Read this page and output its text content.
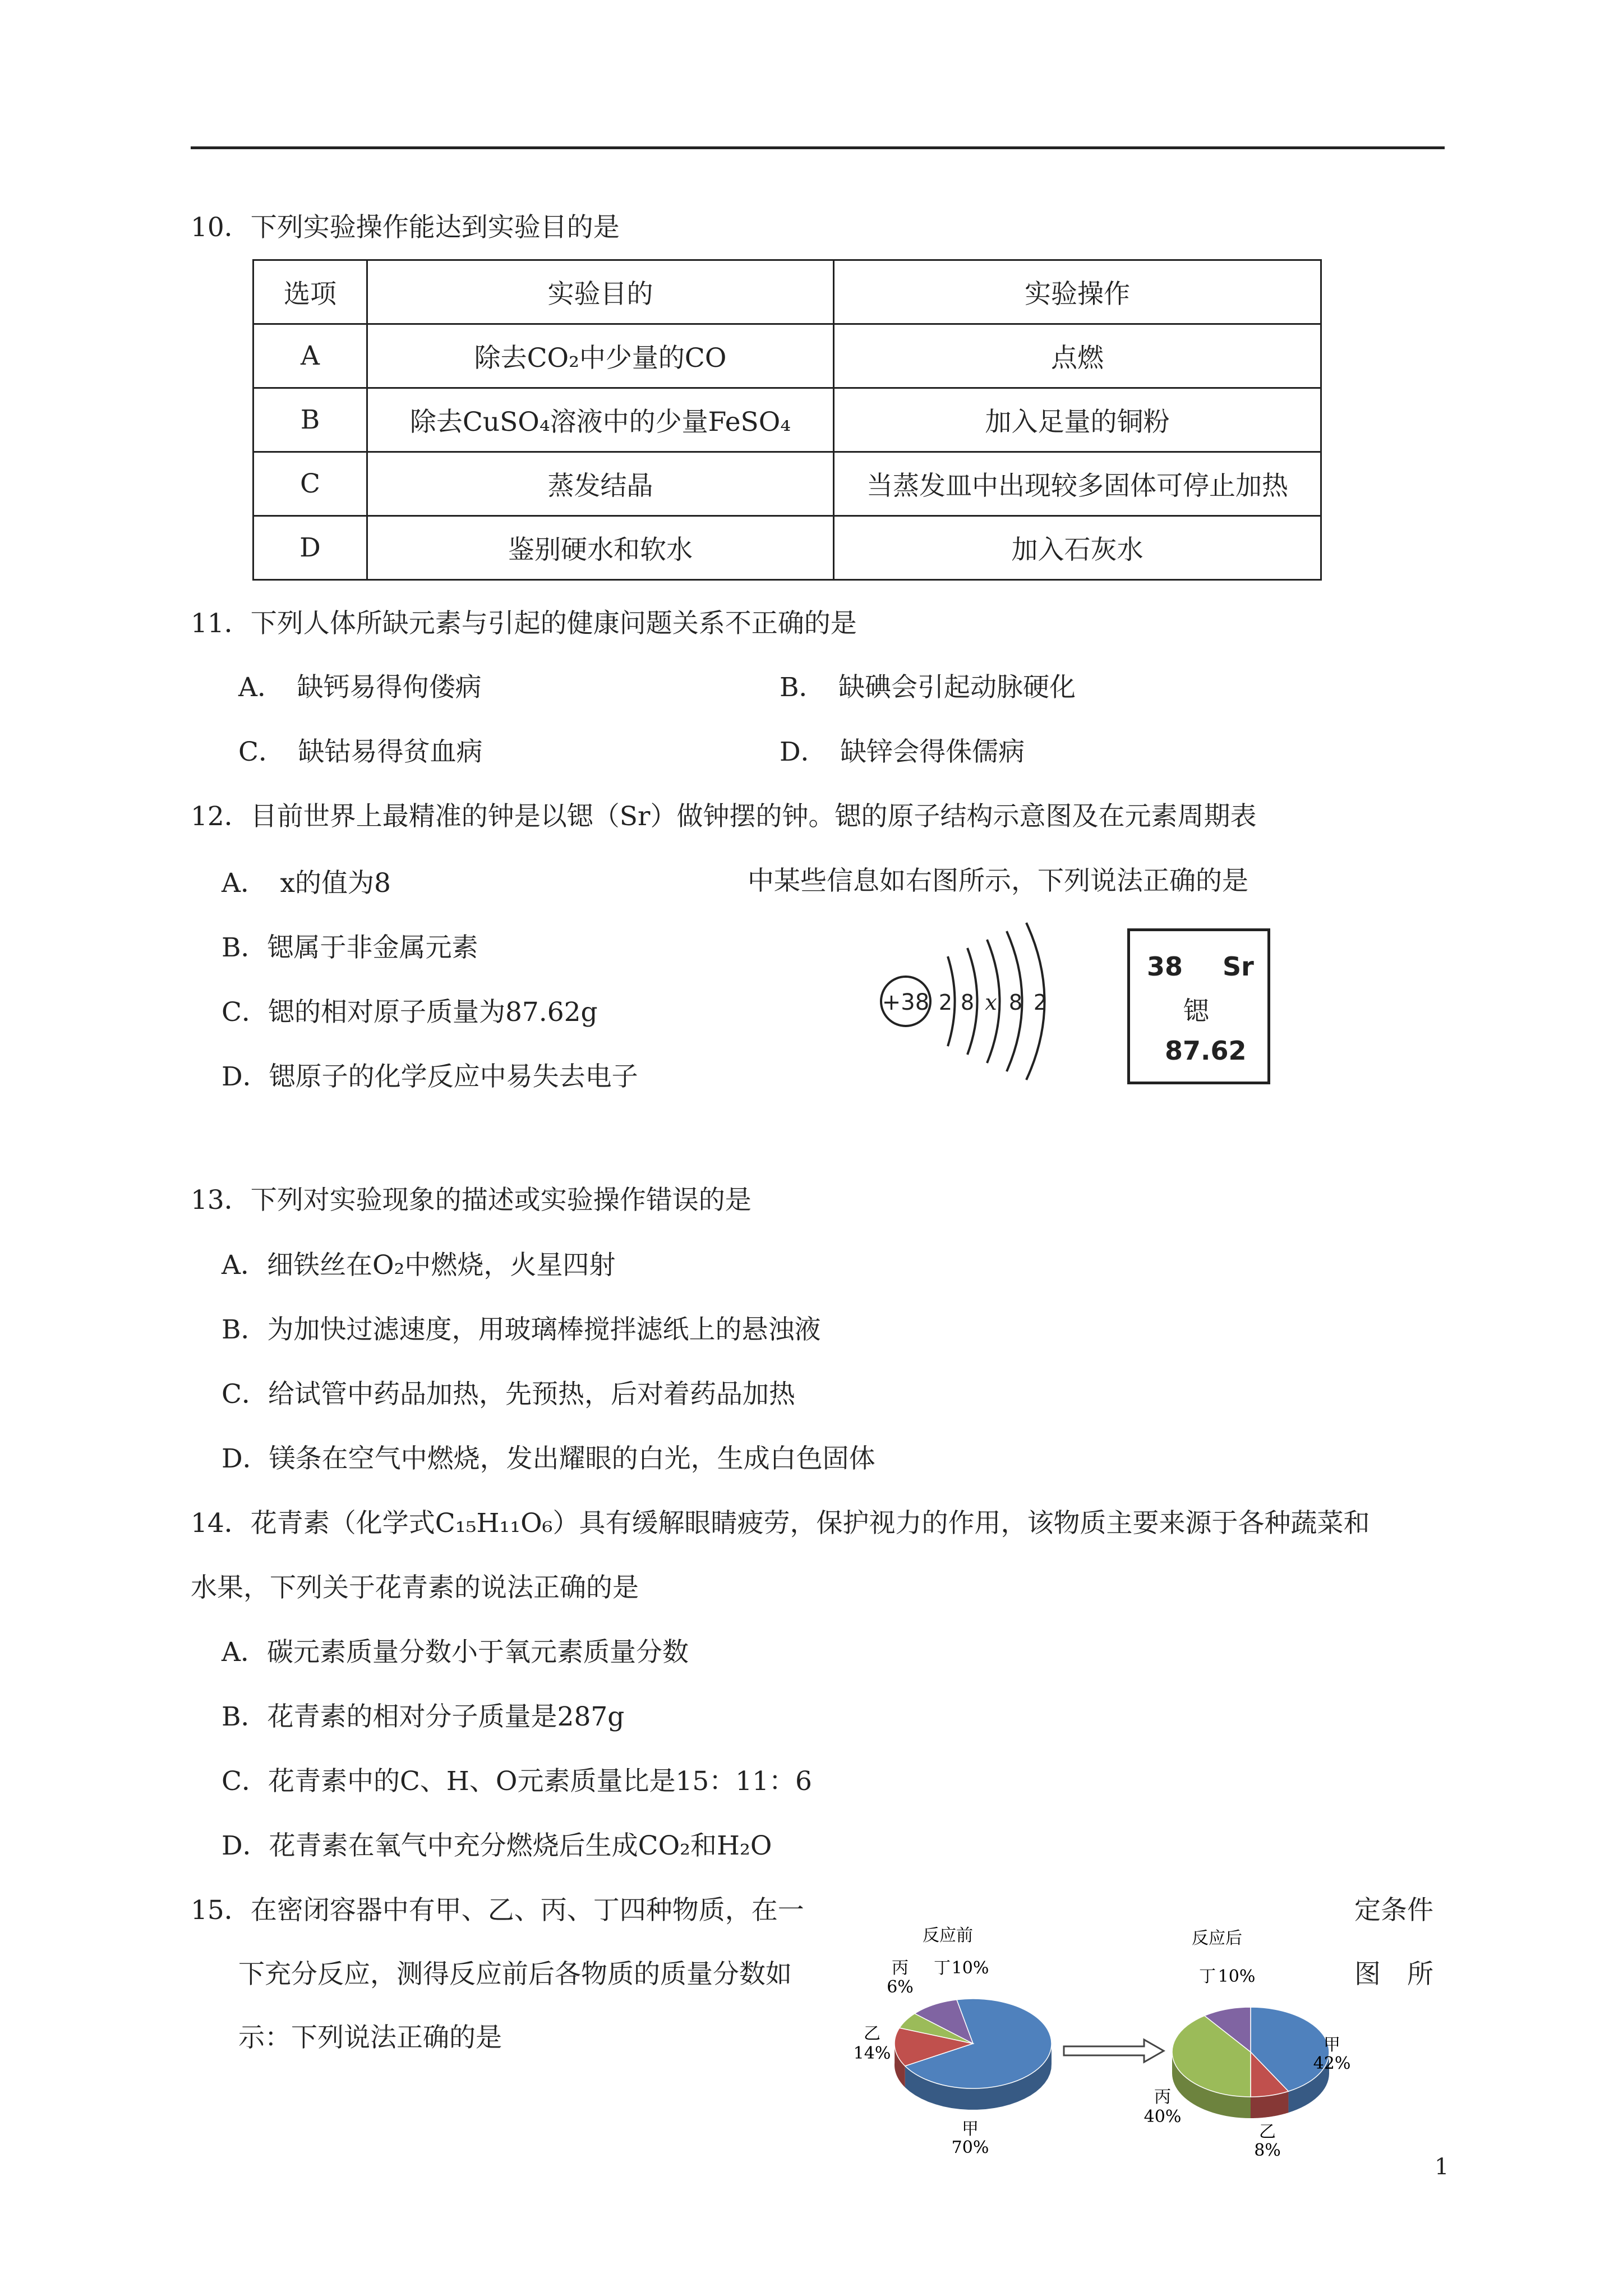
10．下列实验操作能达到实验目的是
选项	实验目的	实验操作
A	除去CO₂中少量的CO	点燃
B	除去CuSO₄溶液中的少量FeSO₄	加入足量的铜粉
C	蒸发结晶	当蒸发皿中出现较多固体可停止加热
D	鉴别硬水和软水	加入石灰水
11．下列人体所缺元素与引起的健康问题关系不正确的是
A．　缺钙易得佝偻病	B．　缺碘会引起动脉硬化
C．　缺钴易得贫血病	D．　缺锌会得侏儒病
12．目前世界上最精准的钟是以锶（Sr）做钟摆的钟。锶的原子结构示意图及在元素周期表
中某些信息如右图所示，下列说法正确的是
A．　x的值为8
B．锶属于非金属元素
C．锶的相对原子质量为87.62g
D．锶原子的化学反应中易失去电子
+38 2 8 x 8 2
38 Sr
锶
87.62
13．下列对实验现象的描述或实验操作错误的是
A．细铁丝在O₂中燃烧，火星四射
B．为加快过滤速度，用玻璃棒搅拌滤纸上的悬浊液
C．给试管中药品加热，先预热，后对着药品加热
D．镁条在空气中燃烧，发出耀眼的白光，生成白色固体
14．花青素（化学式C₁₅H₁₁O₆）具有缓解眼睛疲劳，保护视力的作用，该物质主要来源于各种蔬菜和
水果，下列关于花青素的说法正确的是
A．碳元素质量分数小于氧元素质量分数
B．花青素的相对分子质量是287g
C．花青素中的C、H、O元素质量比是15：11：6
D．花青素在氧气中充分燃烧后生成CO₂和H₂O
15．在密闭容器中有甲、乙、丙、丁四种物质，在一	定条件
下充分反应，测得反应前后各物质的质量分数如	图　所
示：下列说法正确的是
反应前
丙
6%
丁 10%
乙
14%
甲
70%
反应后
丁 10%
甲
42%
丙
40%
乙
8%
1
